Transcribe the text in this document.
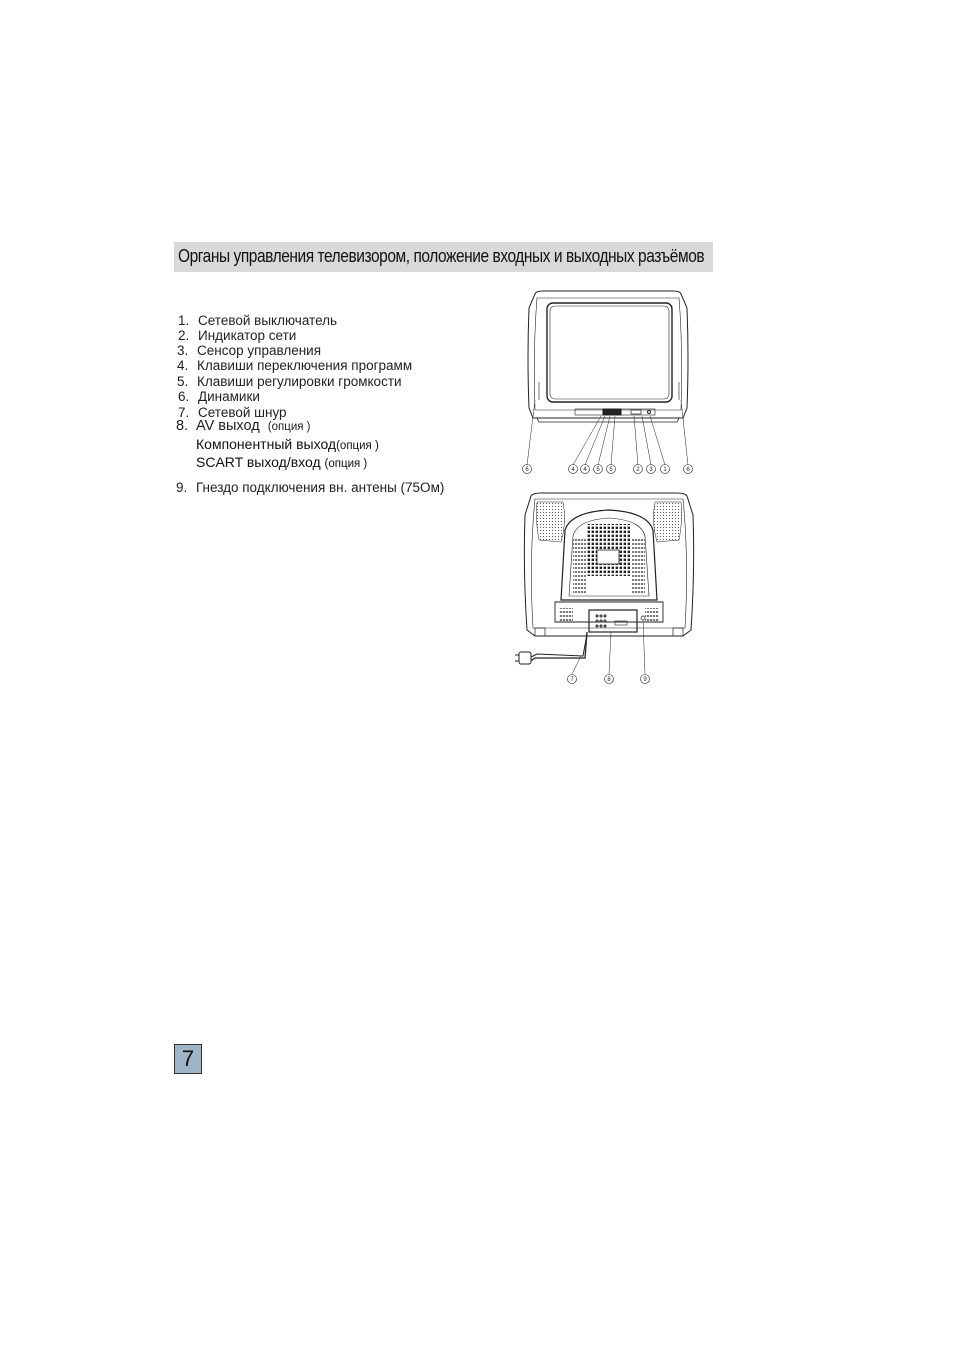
Органы управления телевизором, положение входных и выходных разъёмов
1. Сетевой выключатель
2. Индикатор сети
3. Сенсор управления
4. Клавиши переключения программ
5. Клавиши регулировки громкости
6. Динамики
7. Сетевой шнур
8. AV выход (опция )
Компонентный выход(опция )
SCART выход/вход (опция )
9. Гнездо подключения вн. антены (75Ом)
6	4 4 5 5	2 3 1	6
7	8	9
7
